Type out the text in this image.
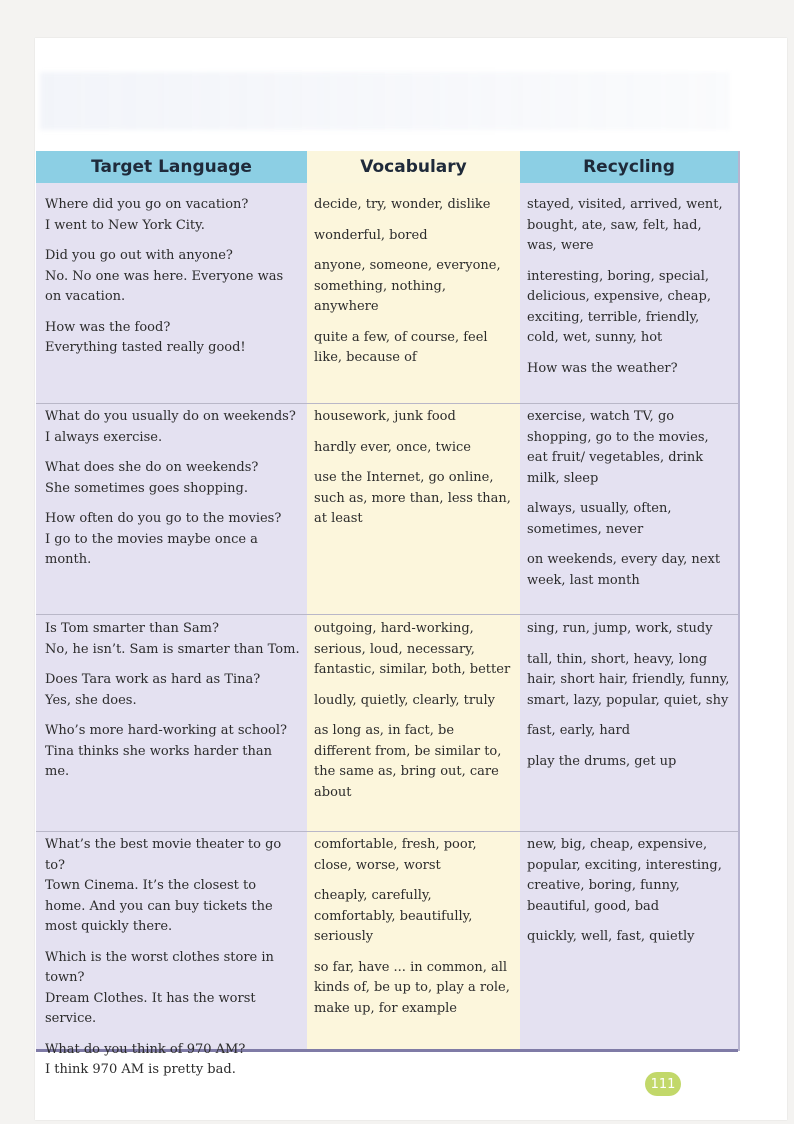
Target Language	Vocabulary	Recycling

Where did you go on vacation?
I went to New York City.

Did you go out with anyone?
No. No one was here. Everyone was on vacation.

How was the food?
Everything tasted really good!

decide, try, wonder, dislike

wonderful, bored

anyone, someone, everyone, something, nothing, anywhere

quite a few, of course, feel like, because of

stayed, visited, arrived, went, bought, ate, saw, felt, had, was, were

interesting, boring, special, delicious, expensive, cheap, exciting, terrible, friendly, cold, wet, sunny, hot

How was the weather?

What do you usually do on weekends?
I always exercise.

What does she do on weekends?
She sometimes goes shopping.

How often do you go to the movies?
I go to the movies maybe once a month.

housework, junk food

hardly ever, once, twice

use the Internet, go online, such as, more than, less than, at least

exercise, watch TV, go shopping, go to the movies, eat fruit/ vegetables, drink milk, sleep

always, usually, often, sometimes, never

on weekends, every day, next week, last month

Is Tom smarter than Sam?
No, he isn’t. Sam is smarter than Tom.

Does Tara work as hard as Tina?
Yes, she does.

Who’s more hard-working at school?
Tina thinks she works harder than me.

outgoing, hard-working, serious, loud, necessary, fantastic, similar, both, better

loudly, quietly, clearly, truly

as long as, in fact, be different from, be similar to, the same as, bring out, care about

sing, run, jump, work, study

tall, thin, short, heavy, long hair, short hair, friendly, funny, smart, lazy, popular, quiet, shy

fast, early, hard

play the drums, get up

What’s the best movie theater to go to?
Town Cinema. It’s the closest to home. And you can buy tickets the most quickly there.

Which is the worst clothes store in town?
Dream Clothes. It has the worst service.

What do you think of 970 AM?
I think 970 AM is pretty bad.

comfortable, fresh, poor, close, worse, worst

cheaply, carefully, comfortably, beautifully, seriously

so far, have ... in common, all kinds of, be up to, play a role, make up, for example

new, big, cheap, expensive, popular, exciting, interesting, creative, boring, funny, beautiful, good, bad

quickly, well, fast, quietly

111
